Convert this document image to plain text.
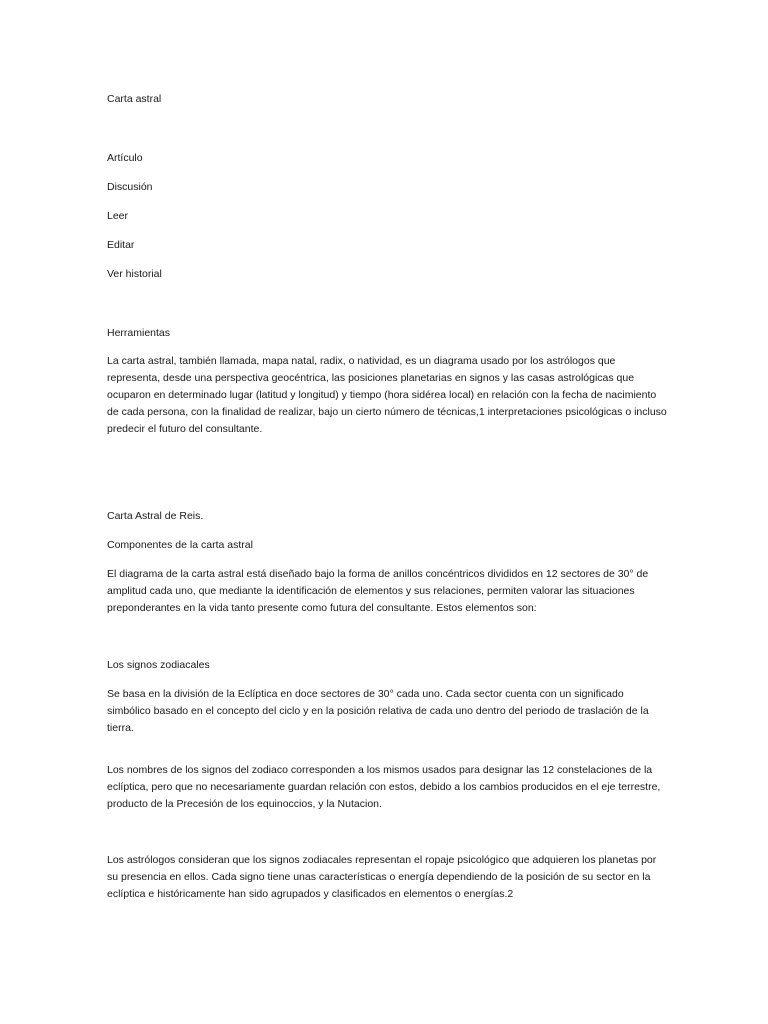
Carta astral

Artículo

Discusión

Leer

Editar

Ver historial

Herramientas

La carta astral, también llamada, mapa natal, radix, o natividad, es un diagrama usado por los astrólogos que representa, desde una perspectiva geocéntrica, las posiciones planetarias en signos y las casas astrológicas que ocuparon en determinado lugar (latitud y longitud) y tiempo (hora sidérea local) en relación con la fecha de nacimiento de cada persona, con la finalidad de realizar, bajo un cierto número de técnicas,1 interpretaciones psicológicas o incluso predecir el futuro del consultante.

Carta Astral de Reis.

Componentes de la carta astral

El diagrama de la carta astral está diseñado bajo la forma de anillos concéntricos divididos en 12 sectores de 30° de amplitud cada uno, que mediante la identificación de elementos y sus relaciones, permiten valorar las situaciones preponderantes en la vida tanto presente como futura del consultante. Estos elementos son:

Los signos zodiacales

Se basa en la división de la Eclíptica en doce sectores de 30° cada uno. Cada sector cuenta con un significado simbólico basado en el concepto del ciclo y en la posición relativa de cada uno dentro del periodo de traslación de la tierra.

Los nombres de los signos del zodiaco corresponden a los mismos usados para designar las 12 constelaciones de la eclíptica, pero que no necesariamente guardan relación con estos, debido a los cambios producidos en el eje terrestre, producto de la Precesión de los equinoccios, y la Nutacion.

Los astrólogos consideran que los signos zodiacales representan el ropaje psicológico que adquieren los planetas por su presencia en ellos. Cada signo tiene unas características o energía dependiendo de la posición de su sector en la eclíptica e históricamente han sido agrupados y clasificados en elementos o energías.2
